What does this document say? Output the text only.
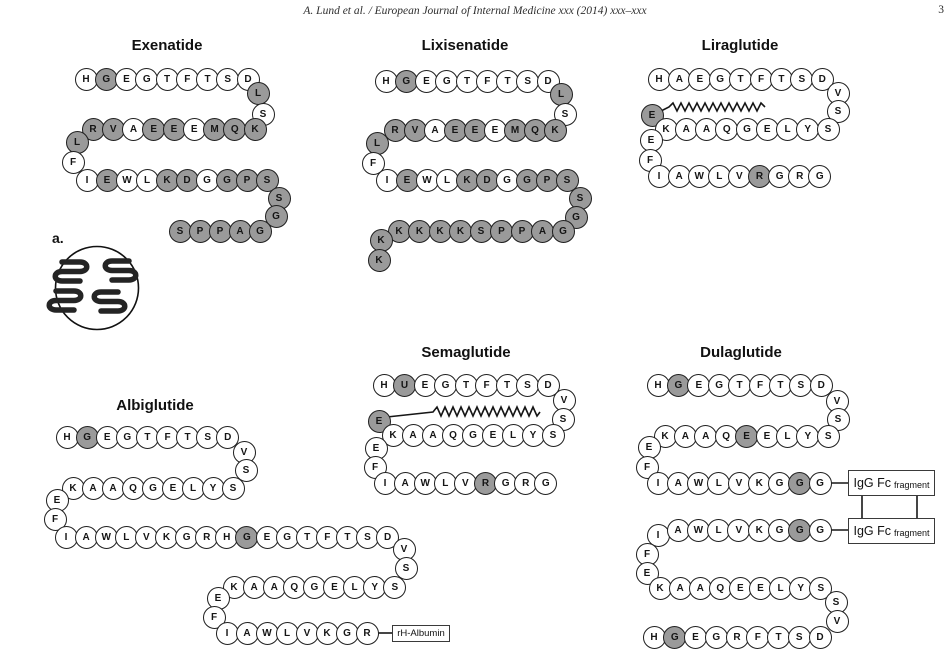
A. Lund et al. / European Journal of Internal Medicine xxx (2014) xxx–xxx	3
Exenatide	Lixisenatide	Liraglutide
Albiglutide
Semaglutide	Dulaglutide
a.
rH-Albumin
IgG Fc fragment
IgG Fc fragment
H	G	E	G	T	F	T	S	D
L
S
R	V	A	E	E	E	M	Q	K
L
F
I	E	W	L	K	D	G	G	P	S
S
G
S	P	P	A	G
H	G	E	G	T	F	T	S	D
L
S
R	V	A	E	E	E	M	Q	K
L
F
I	E	W	L	K	D	G	G	P	S
S
G
K	K	K	K	S	P	P	A	G
K
K
H	A	E	G	T	F	T	S	D
V
S
E
K	A	A	Q	G	E	L	Y	S
E
F
I	A	W	L	V	R	G	R	G
H	G	E	G	T	F	T	S	D
V
S
K	A	A	Q	G	E	L	Y	S
E
F
I	A	W	L	V	K	G	R	H	G	E	G	T	F	T	S	D
V
S
K	A	A	Q	G	E	L	Y	S
E
F
I	A	W	L	V	K	G	R
H	U	E	G	T	F	T	S	D
V
S
E
K	A	A	Q	G	E	L	Y	S
E
F
I	A	W	L	V	R	G	R	G
H	G	E	G	T	F	T	S	D
V
S
K	A	A	Q	E	E	L	Y	S
E
F
I	A	W	L	V	K	G	G	G
I	A	W	L	V	K	G	G	G
F
E
K	A	A	Q	E	E	L	Y	S
S
V
H	G	E	G	R	F	T	S	D
